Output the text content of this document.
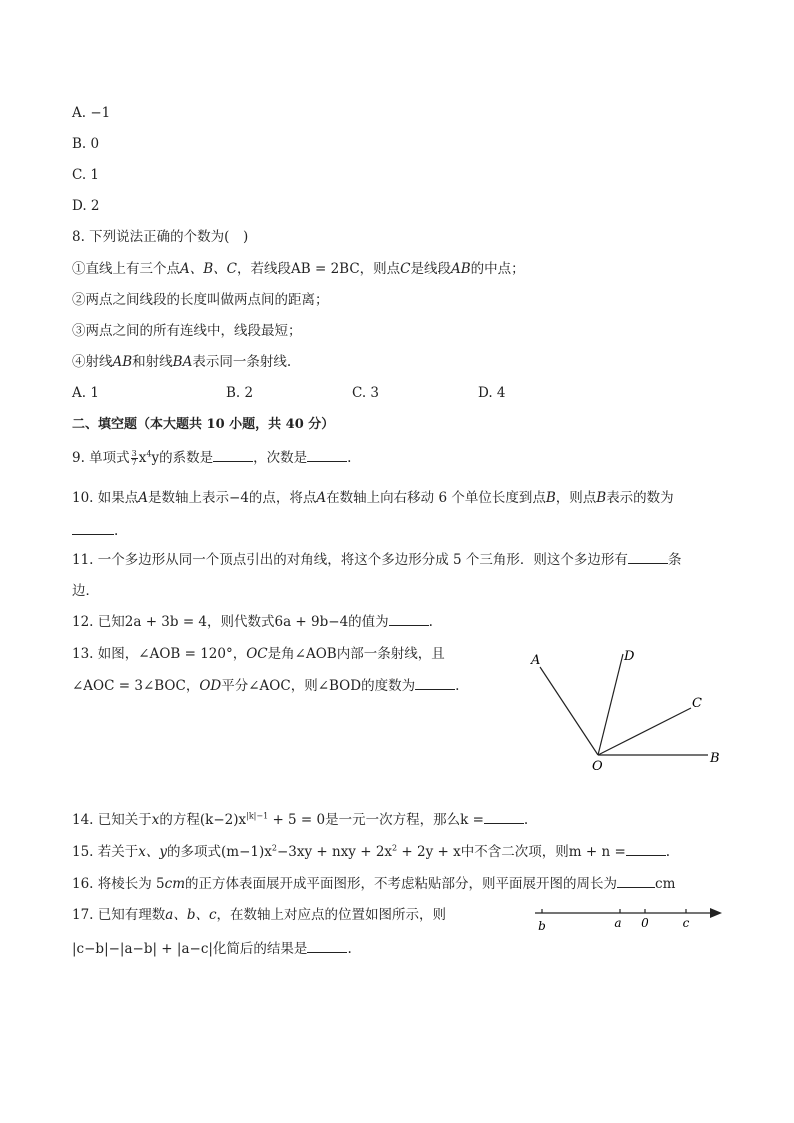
A. −1
B. 0
C. 1
D. 2
8. 下列说法正确的个数为(　)
①直线上有三个点A、B、C，若线段AB = 2BC，则点C是线段AB的中点；
②两点之间线段的长度叫做两点间的距离；
③两点之间的所有连线中，线段最短；
④射线AB和射线BA表示同一条射线.
A. 1	B. 2	C. 3	D. 4
二、填空题（本大题共 10 小题，共 40 分）
9. 单项式 $\frac{3}{7} x^4y$的系数是	，次数是	.
10. 如果点A是数轴上表示−4的点，将点A在数轴上向右移动 6 个单位长度到点B，则点B表示的数为
.
11. 一个多边形从同一个顶点引出的对角线，将这个多边形分成 5 个三角形．则这个多边形有	条
边．
12. 已知2a + 3b = 4，则代数式6a + 9b−4的值为	.
13. 如图，∠AOB = 120°，OC是角∠AOB内部一条射线，且
∠AOC = 3∠BOC，OD平分∠AOC，则∠BOD的度数为	.
A	D
C
B
O
14. 已知关于x的方程$(k-2)x^{|k|-1} + 5 = 0$是一元一次方程，那么k =	.
15. 若关于x、y的多项式$(m-1)x^2-3xy$ + nxy + $2x^2 + 2y + x$中不含二次项，则m + n =	.
16. 将棱长为 5cm的正方体表面展开成平面图形，不考虑粘贴部分，则平面展开图的周长为	cm
17. 已知有理数a、b、c，在数轴上对应点的位置如图所示，则
|c−b|−|a−b| + |a−c|化简后的结果是	.
b	a 0	c
